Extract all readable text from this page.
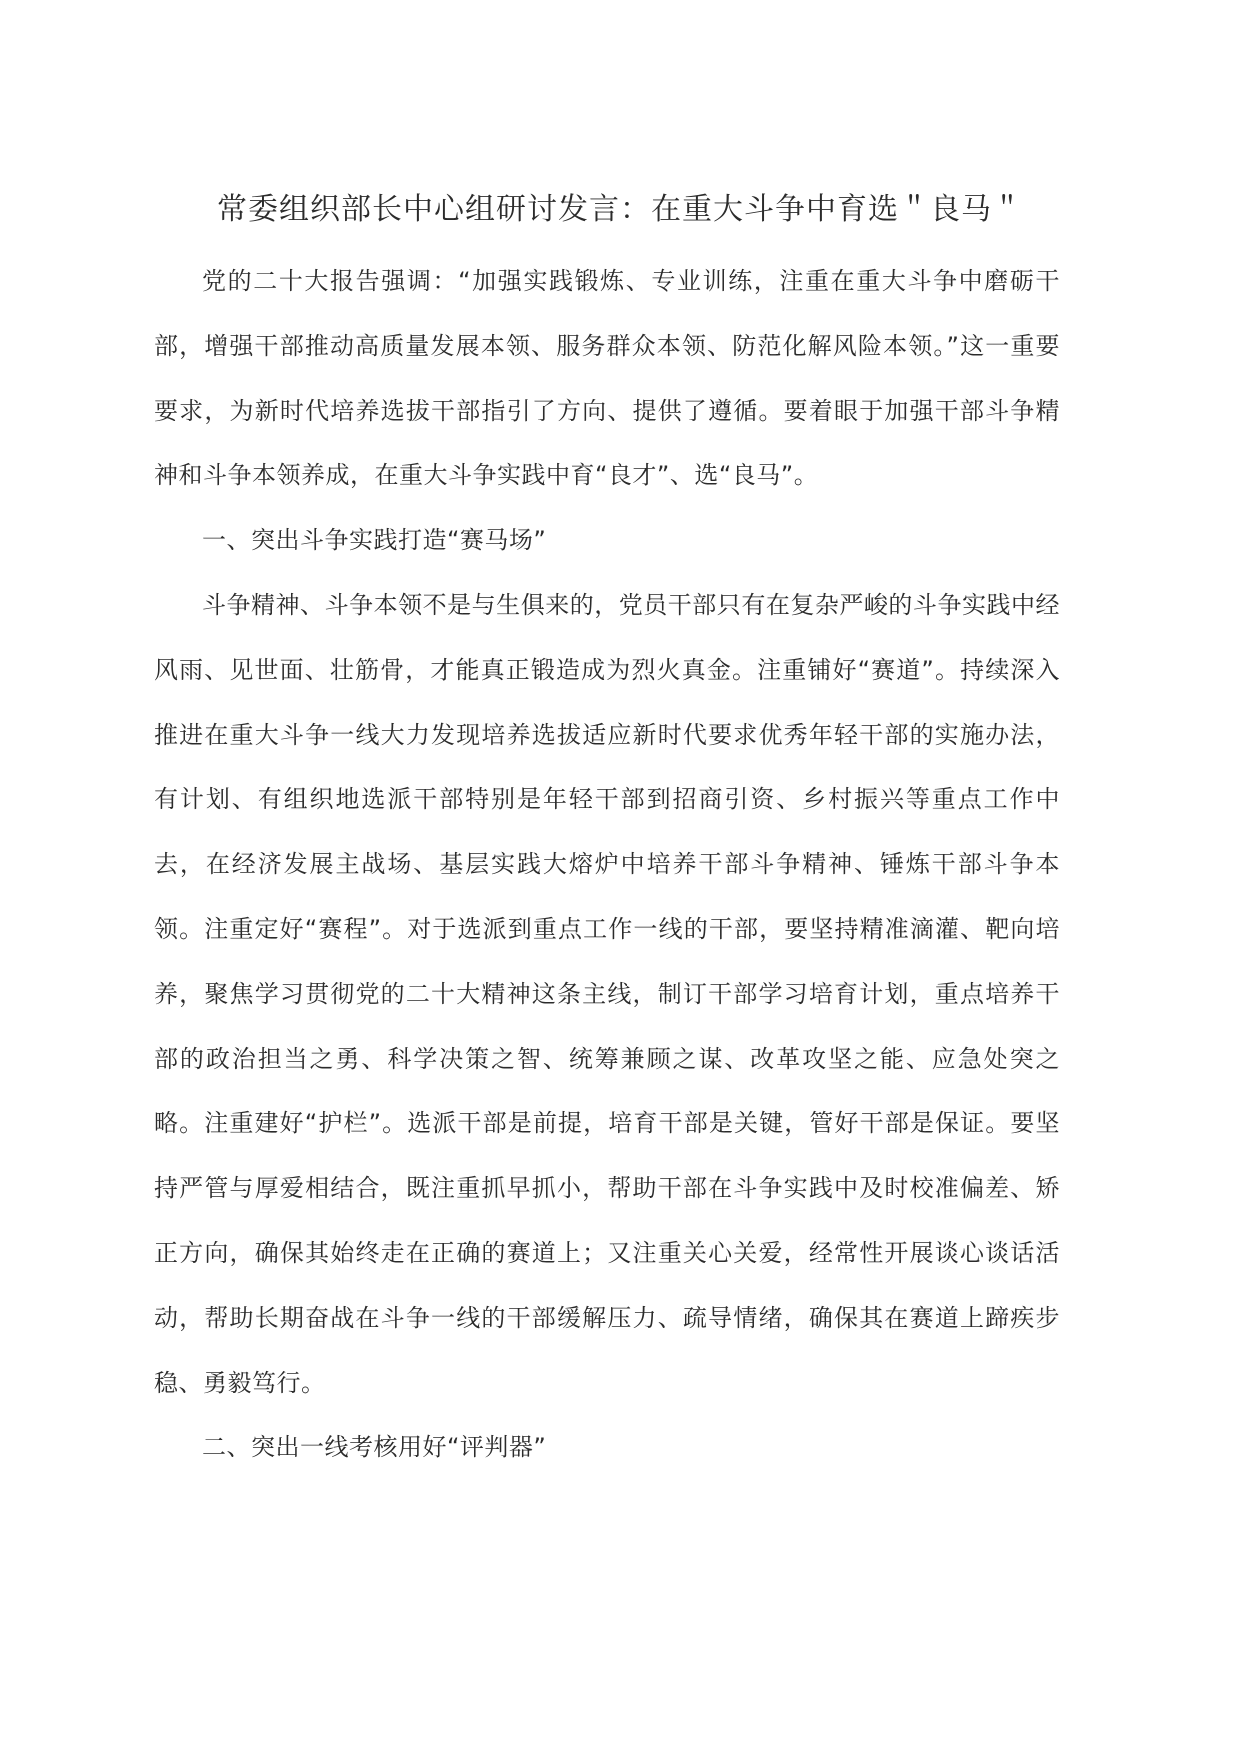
常委组织部长中心组研讨发言：在重大斗争中育选＂良马＂

党的二十大报告强调：“加强实践锻炼、专业训练，注重在重大斗争中磨砺干部，增强干部推动高质量发展本领、服务群众本领、防范化解风险本领。”这一重要要求，为新时代培养选拔干部指引了方向、提供了遵循。要着眼于加强干部斗争精神和斗争本领养成，在重大斗争实践中育“良才”、选“良马”。

一、突出斗争实践打造“赛马场”

斗争精神、斗争本领不是与生俱来的，党员干部只有在复杂严峻的斗争实践中经风雨、见世面、壮筋骨，才能真正锻造成为烈火真金。注重铺好“赛道”。持续深入推进在重大斗争一线大力发现培养选拔适应新时代要求优秀年轻干部的实施办法，有计划、有组织地选派干部特别是年轻干部到招商引资、乡村振兴等重点工作中去，在经济发展主战场、基层实践大熔炉中培养干部斗争精神、锤炼干部斗争本领。注重定好“赛程”。对于选派到重点工作一线的干部，要坚持精准滴灌、靶向培养，聚焦学习贯彻党的二十大精神这条主线，制订干部学习培育计划，重点培养干部的政治担当之勇、科学决策之智、统筹兼顾之谋、改革攻坚之能、应急处突之略。注重建好“护栏”。选派干部是前提，培育干部是关键，管好干部是保证。要坚持严管与厚爱相结合，既注重抓早抓小，帮助干部在斗争实践中及时校准偏差、矫正方向，确保其始终走在正确的赛道上；又注重关心关爱，经常性开展谈心谈话活动，帮助长期奋战在斗争一线的干部缓解压力、疏导情绪，确保其在赛道上蹄疾步稳、勇毅笃行。

二、突出一线考核用好“评判器”
